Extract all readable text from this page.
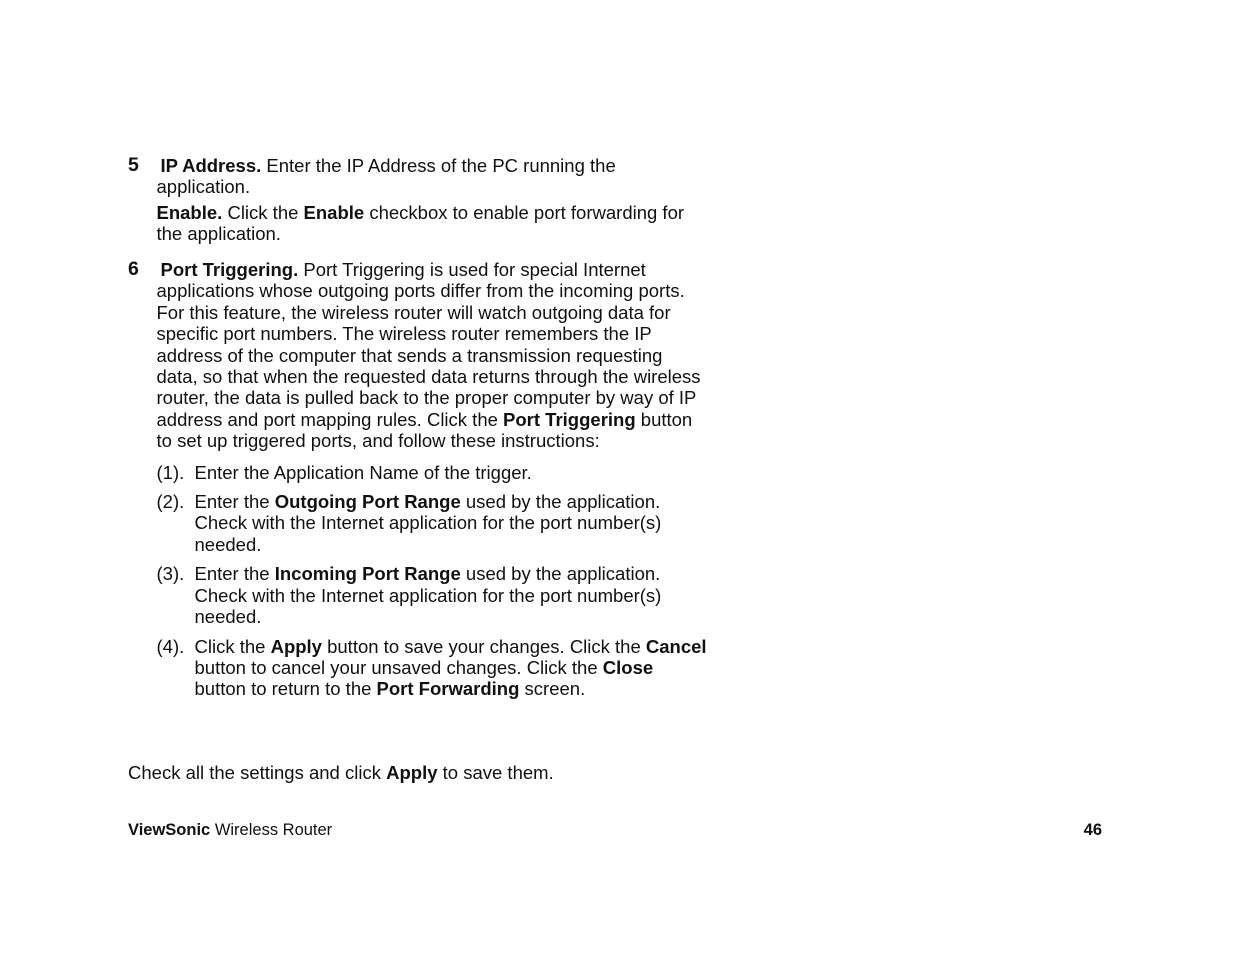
5 IP Address. Enter the IP Address of the PC running the application.

Enable. Click the Enable checkbox to enable port forwarding for the application.

6 Port Triggering. Port Triggering is used for special Internet applications whose outgoing ports differ from the incoming ports. For this feature, the wireless router will watch outgoing data for specific port numbers. The wireless router remembers the IP address of the computer that sends a transmission requesting data, so that when the requested data returns through the wireless router, the data is pulled back to the proper computer by way of IP address and port mapping rules. Click the Port Triggering button to set up triggered ports, and follow these instructions:

(1). Enter the Application Name of the trigger.
(2). Enter the Outgoing Port Range used by the application. Check with the Internet application for the port number(s) needed.
(3). Enter the Incoming Port Range used by the application. Check with the Internet application for the port number(s) needed.
(4). Click the Apply button to save your changes. Click the Cancel button to cancel your unsaved changes. Click the Close button to return to the Port Forwarding screen.

Check all the settings and click Apply to save them.

ViewSonic Wireless Router	46
